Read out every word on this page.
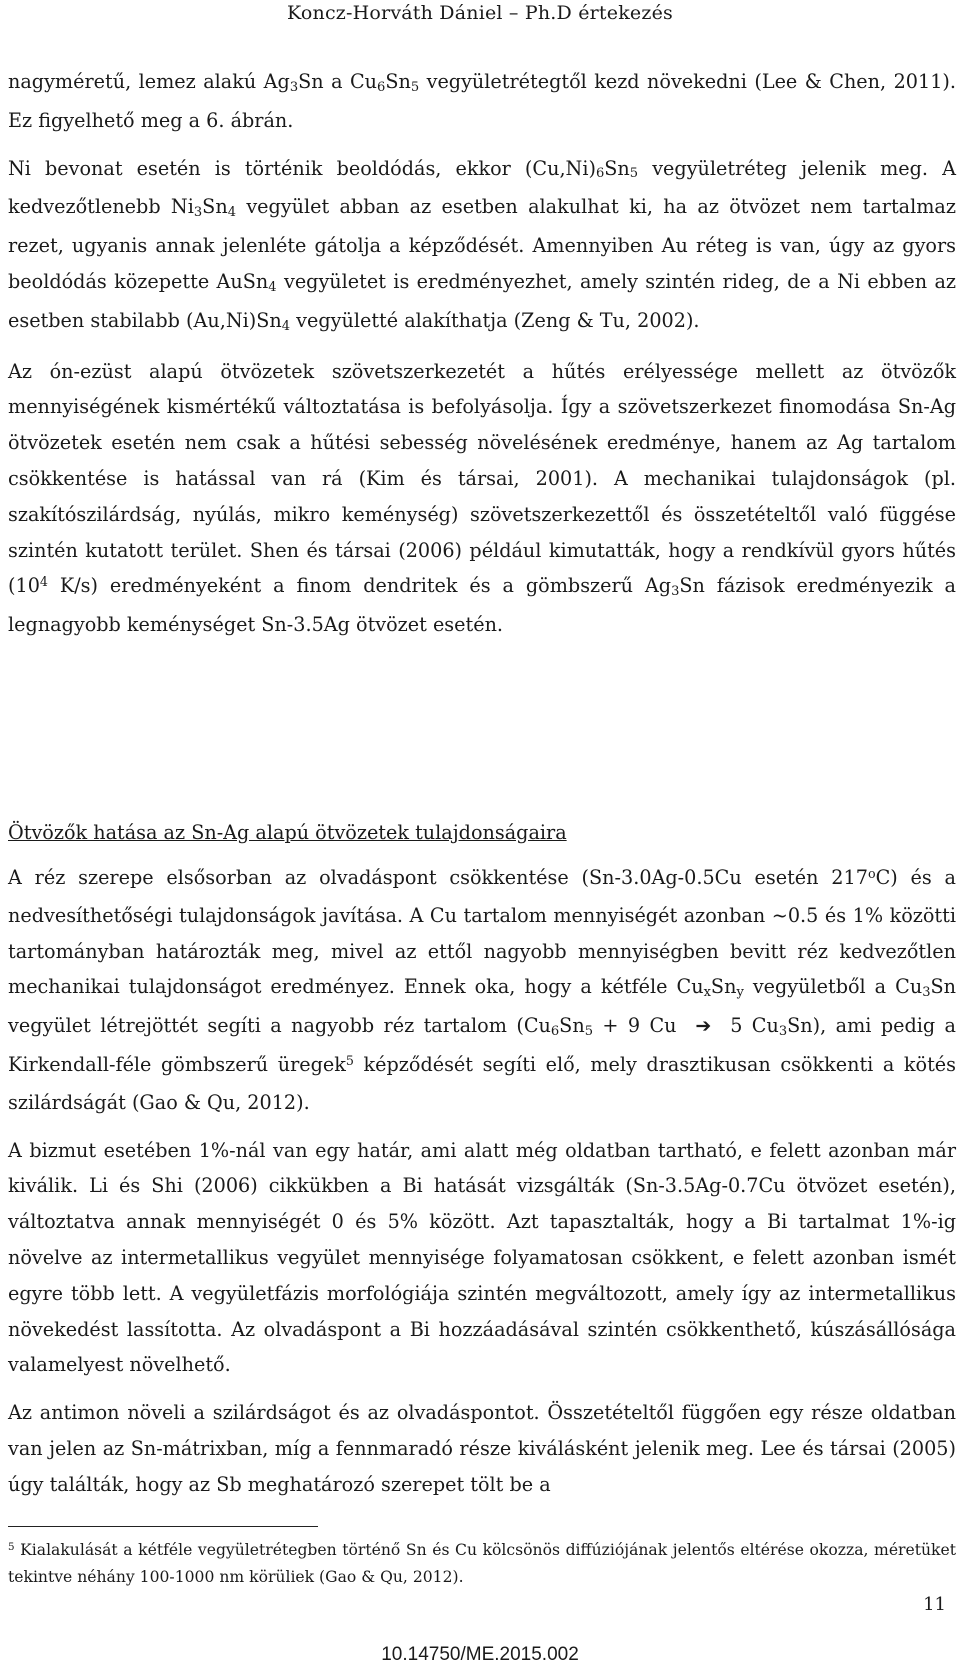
Koncz-Horváth Dániel – Ph.D értekezés

nagyméretű, lemez alakú $Ag_3Sn$ a $Cu_6Sn_5$ vegyületrétegtől kezd növekedni (Lee & Chen, 2011). Ez figyelhető meg a 6. ábrán.

Ni bevonat esetén is történik beoldódás, ekkor $(Cu,Ni)_6Sn_5$ vegyületréteg jelenik meg. A kedvezőtlenebb $Ni_3Sn_4$ vegyület abban az esetben alakulhat ki, ha az ötvözet nem tartalmaz rezet, ugyanis annak jelenléte gátolja a képződését. Amennyiben Au réteg is van, úgy az gyors beoldódás közepette AuSn$_4$ vegyületet is eredményezhet, amely szintén rideg, de a Ni ebben az esetben stabilabb $(Au,Ni)Sn_4$ vegyületté alakíthatja (Zeng & Tu, 2002).

Az ón-ezüst alapú ötvözetek szövetszerkezetét a hűtés erélyessége mellett az ötvözők mennyiségének kismértékű változtatása is befolyásolja. Így a szövetszerkezet finomodása Sn-Ag ötvözetek esetén nem csak a hűtési sebesség növelésének eredménye, hanem az Ag tartalom csökkentése is hatással van rá (Kim és társai, 2001). A mechanikai tulajdonságok (pl. szakítószilárdság, nyúlás, mikro keménység) szövetszerkezettől és összetételtől való függése szintén kutatott terület. Shen és társai (2006) például kimutatták, hogy a rendkívül gyors hűtés ($10^4$ K/s) eredményeként a finom dendritek és a gömbszerű $Ag_3Sn$ fázisok eredményezik a legnagyobb keménységet Sn-3.5Ag ötvözet esetén.

Ötvözők hatása az Sn-Ag alapú ötvözetek tulajdonságaira

A réz szerepe elsősorban az olvadáspont csökkentése (Sn-3.0Ag-0.5Cu esetén 217$^o$C) és a nedvesíthetőségi tulajdonságok javítása. A Cu tartalom mennyiségét azonban ~0.5 és 1% közötti tartományban határozták meg, mivel az ettől nagyobb mennyiségben bevitt réz kedvezőtlen mechanikai tulajdonságot eredményez. Ennek oka, hogy a kétféle $Cu_xSn_y$ vegyületből a $Cu_3Sn$ vegyület létrejöttét segíti a nagyobb réz tartalom ($Cu_6Sn_5 + 9$ Cu  ➔  5 $Cu_3Sn$), ami pedig a Kirkendall-féle gömbszerű üregek$^5$ képződését segíti elő, mely drasztikusan csökkenti a kötés szilárdságát (Gao & Qu, 2012).

A bizmut esetében 1%-nál van egy határ, ami alatt még oldatban tartható, e felett azonban már kiválik. Li és Shi (2006) cikkükben a Bi hatását vizsgálták (Sn-3.5Ag-0.7Cu ötvözet esetén), változtatva annak mennyiségét 0 és 5% között. Azt tapasztalták, hogy a Bi tartalmat 1%-ig növelve az intermetallikus vegyület mennyisége folyamatosan csökkent, e felett azonban ismét egyre több lett. A vegyületfázis morfológiája szintén megváltozott, amely így az intermetallikus növekedést lassította. Az olvadáspont a Bi hozzáadásával szintén csökkenthető, kúszásállósága valamelyest növelhető.

Az antimon növeli a szilárdságot és az olvadáspontot. Összetételtől függően egy része oldatban van jelen az Sn-mátrixban, míg a fennmaradó része kiválásként jelenik meg. Lee és társai (2005) úgy találták, hogy az Sb meghatározó szerepet tölt be a

$^5$ Kialakulását a kétféle vegyületrétegben történő Sn és Cu kölcsönös diffúziójának jelentős eltérése okozza, méretüket tekintve néhány 100-1000 nm körüliek (Gao & Qu, 2012).
11
10.14750/ME.2015.002
